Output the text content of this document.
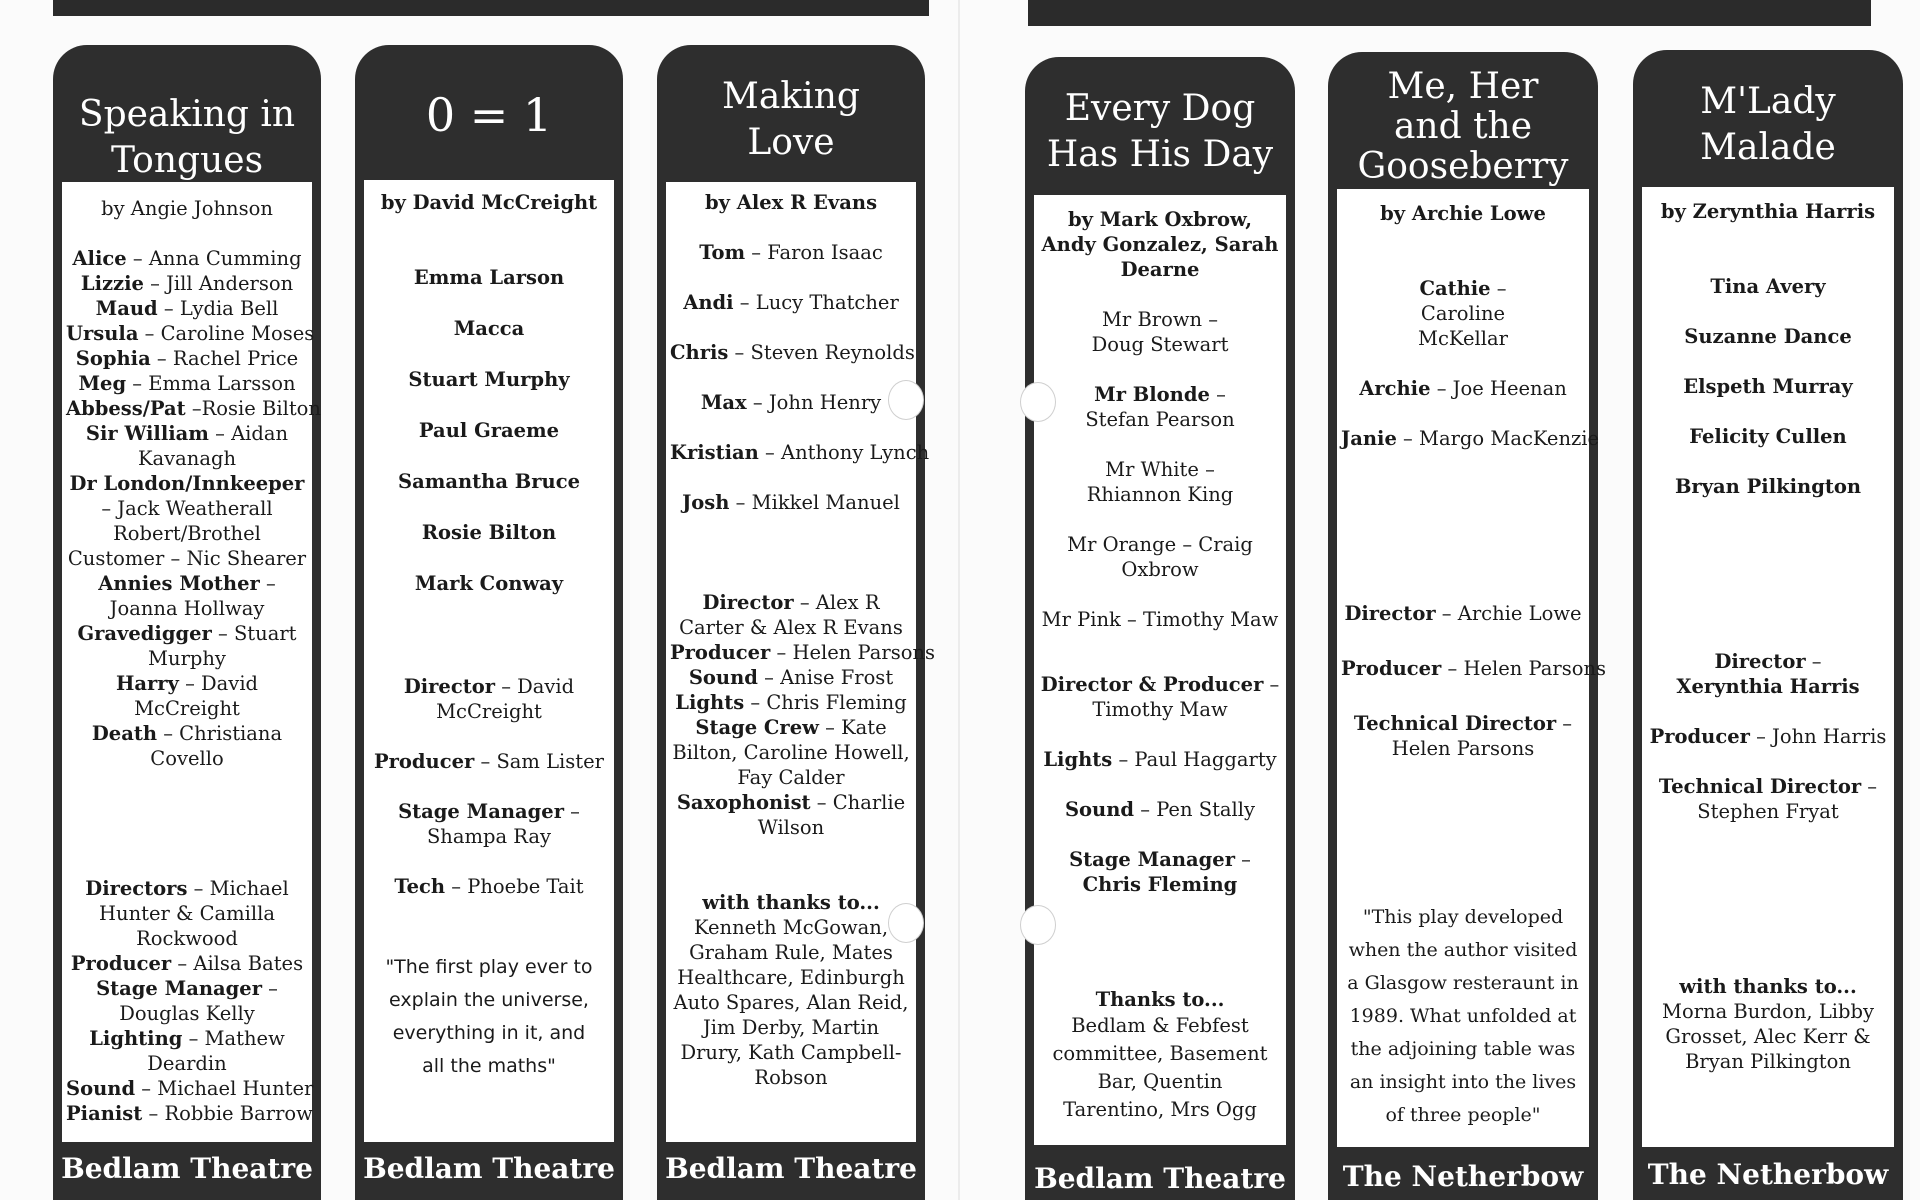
Speaking in Tongues
by Angie Johnson
Alice – Anna Cumming
Lizzie – Jill Anderson
Maud – Lydia Bell
Ursula – Caroline Moses
Sophia – Rachel Price
Meg – Emma Larsson
Abbess/Pat –Rosie Bilton
Sir William – Aidan Kavanagh
Dr London/Innkeeper – Jack Weatherall
Robert/Brothel Customer – Nic Shearer
Annies Mother – Joanna Hollway
Gravedigger – Stuart Murphy
Harry – David McCreight
Death – Christiana Covello
Directors – Michael Hunter & Camilla Rockwood
Producer – Ailsa Bates
Stage Manager – Douglas Kelly
Lighting – Mathew Deardin
Sound – Michael Hunter
Pianist – Robbie Barrow
Bedlam Theatre
0 = 1
by David McCreight
Emma Larson
Macca
Stuart Murphy
Paul Graeme
Samantha Bruce
Rosie Bilton
Mark Conway
Director – David McCreight
Producer – Sam Lister
Stage Manager – Shampa Ray
Tech – Phoebe Tait
"The first play ever to explain the universe, everything in it, and all the maths"
Bedlam Theatre
Making Love
by Alex R Evans
Tom – Faron Isaac
Andi – Lucy Thatcher
Chris – Steven Reynolds
Max – John Henry
Kristian – Anthony Lynch
Josh – Mikkel Manuel
Director – Alex R Carter & Alex R Evans
Producer – Helen Parsons
Sound – Anise Frost
Lights – Chris Fleming
Stage Crew – Kate Bilton, Caroline Howell, Fay Calder
Saxophonist – Charlie Wilson
with thanks to...
Kenneth McGowan, Graham Rule, Mates Healthcare, Edinburgh Auto Spares, Alan Reid, Jim Derby, Martin Drury, Kath Campbell-Robson
Bedlam Theatre
Every Dog Has His Day
by Mark Oxbrow, Andy Gonzalez, Sarah Dearne
Mr Brown – Doug Stewart
Mr Blonde – Stefan Pearson
Mr White – Rhiannon King
Mr Orange – Craig Oxbrow
Mr Pink – Timothy Maw
Director & Producer – Timothy Maw
Lights – Paul Haggarty
Sound – Pen Stally
Stage Manager – Chris Fleming
Thanks to...
Bedlam & Febfest committee, Basement Bar, Quentin Tarentino, Mrs Ogg
Bedlam Theatre
Me, Her and the Gooseberry
by Archie Lowe
Cathie – Caroline McKellar
Archie – Joe Heenan
Janie – Margo MacKenzie
Director – Archie Lowe
Producer – Helen Parsons
Technical Director –
Helen Parsons
"This play developed when the author visited a Glasgow resteraunt in 1989. What unfolded at the adjoining table was an insight into the lives of three people"
The Netherbow
M'Lady Malade
by Zerynthia Harris
Tina Avery
Suzanne Dance
Elspeth Murray
Felicity Cullen
Bryan Pilkington
Director – Xerynthia Harris
Producer – John Harris
Technical Director –
Stephen Fryat
with thanks to...
Morna Burdon, Libby Grosset, Alec Kerr & Bryan Pilkington
The Netherbow
